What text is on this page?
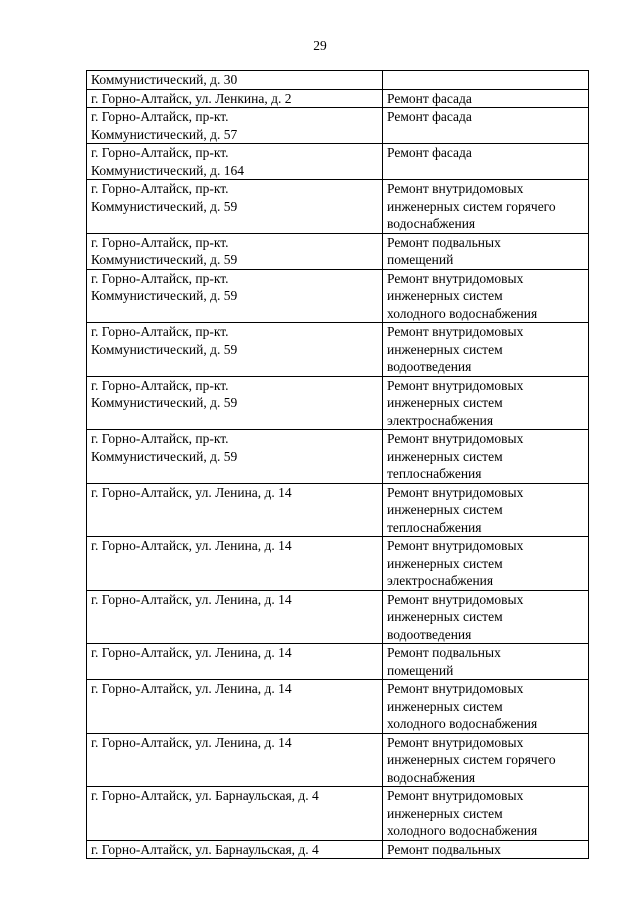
29
Коммунистический, д. 30	
г. Горно-Алтайск, ул. Ленкина, д. 2	Ремонт фасада
г. Горно-Алтайск, пр-кт.
Коммунистический, д. 57	Ремонт фасада
г. Горно-Алтайск, пр-кт.
Коммунистический, д. 164	Ремонт фасада
г. Горно-Алтайск, пр-кт.
Коммунистический, д. 59	Ремонт внутридомовых
инженерных систем горячего
водоснабжения
г. Горно-Алтайск, пр-кт.
Коммунистический, д. 59	Ремонт подвальных
помещений
г. Горно-Алтайск, пр-кт.
Коммунистический, д. 59	Ремонт внутридомовых
инженерных систем
холодного водоснабжения
г. Горно-Алтайск, пр-кт.
Коммунистический, д. 59	Ремонт внутридомовых
инженерных систем
водоотведения
г. Горно-Алтайск, пр-кт.
Коммунистический, д. 59	Ремонт внутридомовых
инженерных систем
электроснабжения
г. Горно-Алтайск, пр-кт.
Коммунистический, д. 59	Ремонт внутридомовых
инженерных систем
теплоснабжения
г. Горно-Алтайск, ул. Ленина, д. 14	Ремонт внутридомовых
инженерных систем
теплоснабжения
г. Горно-Алтайск, ул. Ленина, д. 14	Ремонт внутридомовых
инженерных систем
электроснабжения
г. Горно-Алтайск, ул. Ленина, д. 14	Ремонт внутридомовых
инженерных систем
водоотведения
г. Горно-Алтайск, ул. Ленина, д. 14	Ремонт подвальных
помещений
г. Горно-Алтайск, ул. Ленина, д. 14	Ремонт внутридомовых
инженерных систем
холодного водоснабжения
г. Горно-Алтайск, ул. Ленина, д. 14	Ремонт внутридомовых
инженерных систем горячего
водоснабжения
г. Горно-Алтайск, ул. Барнаульская, д. 4	Ремонт внутридомовых
инженерных систем
холодного водоснабжения
г. Горно-Алтайск, ул. Барнаульская, д. 4	Ремонт подвальных
